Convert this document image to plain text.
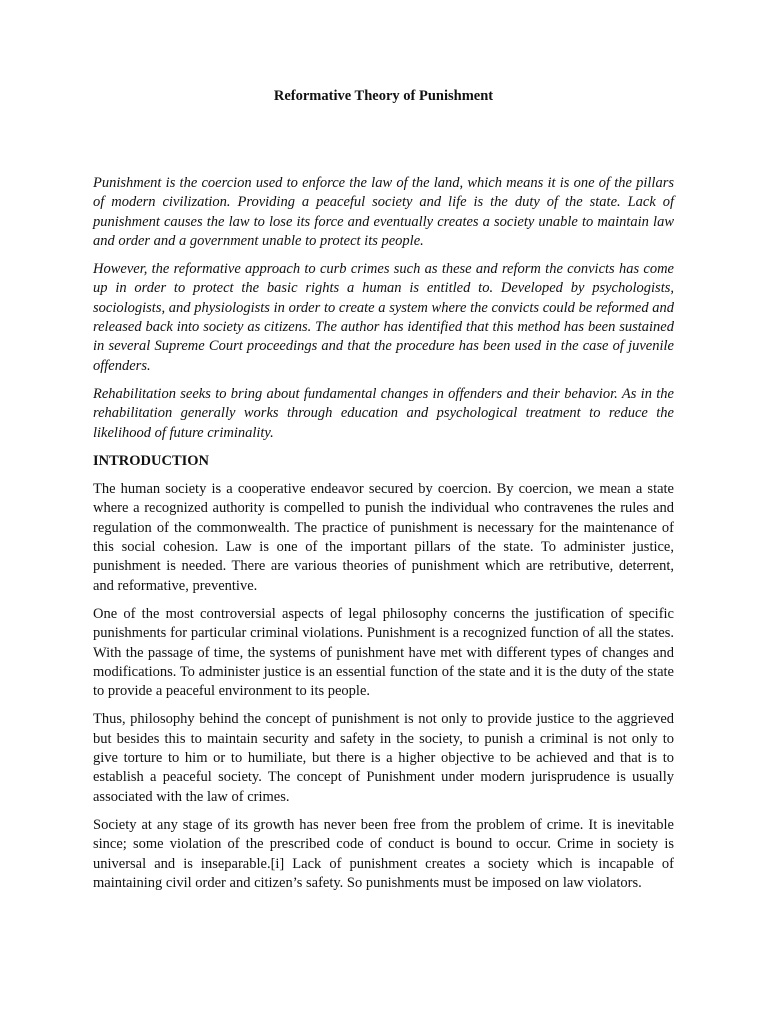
Reformative Theory of Punishment

Punishment is the coercion used to enforce the law of the land, which means it is one of the pillars of modern civilization. Providing a peaceful society and life is the duty of the state. Lack of punishment causes the law to lose its force and eventually creates a society unable to maintain law and order and a government unable to protect its people.

However, the reformative approach to curb crimes such as these and reform the convicts has come up in order to protect the basic rights a human is entitled to. Developed by psychologists, sociologists, and physiologists in order to create a system where the convicts could be reformed and released back into society as citizens. The author has identified that this method has been sustained in several Supreme Court proceedings and that the procedure has been used in the case of juvenile offenders.

Rehabilitation seeks to bring about fundamental changes in offenders and their behavior. As in the rehabilitation generally works through education and psychological treatment to reduce the likelihood of future criminality.

INTRODUCTION

The human society is a cooperative endeavor secured by coercion. By coercion, we mean a state where a recognized authority is compelled to punish the individual who contravenes the rules and regulation of the commonwealth. The practice of punishment is necessary for the maintenance of this social cohesion. Law is one of the important pillars of the state. To administer justice, punishment is needed. There are various theories of punishment which are retributive, deterrent, and reformative, preventive.

One of the most controversial aspects of legal philosophy concerns the justification of specific punishments for particular criminal violations. Punishment is a recognized function of all the states. With the passage of time, the systems of punishment have met with different types of changes and modifications. To administer justice is an essential function of the state and it is the duty of the state to provide a peaceful environment to its people.

Thus, philosophy behind the concept of punishment is not only to provide justice to the aggrieved but besides this to maintain security and safety in the society, to punish a criminal is not only to give torture to him or to humiliate, but there is a higher objective to be achieved and that is to establish a peaceful society. The concept of Punishment under modern jurisprudence is usually associated with the law of crimes.

Society at any stage of its growth has never been free from the problem of crime. It is inevitable since; some violation of the prescribed code of conduct is bound to occur. Crime in society is universal and is inseparable.[i] Lack of punishment creates a society which is incapable of maintaining civil order and citizen’s safety. So punishments must be imposed on law violators.
